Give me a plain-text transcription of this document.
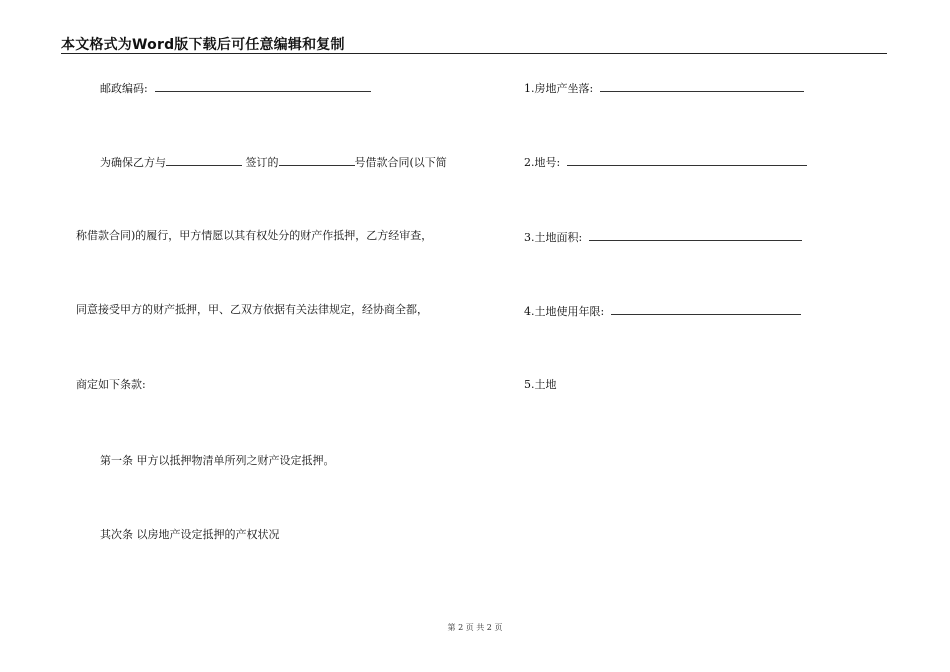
本文格式为Word版下载后可任意编辑和复制
邮政编码:
为确保乙方与	签订的	号借款合同(以下简
称借款合同)的履行，甲方情愿以其有权处分的财产作抵押，乙方经审查，
同意接受甲方的财产抵押，甲、乙双方依据有关法律规定，经协商全都，
商定如下条款:
第一条 甲方以抵押物清单所列之财产设定抵押。
其次条 以房地产设定抵押的产权状况
1.房地产坐落:
2.地号:
3.土地面积:
4.土地使用年限:
5.土地
第 2 页 共 2 页
